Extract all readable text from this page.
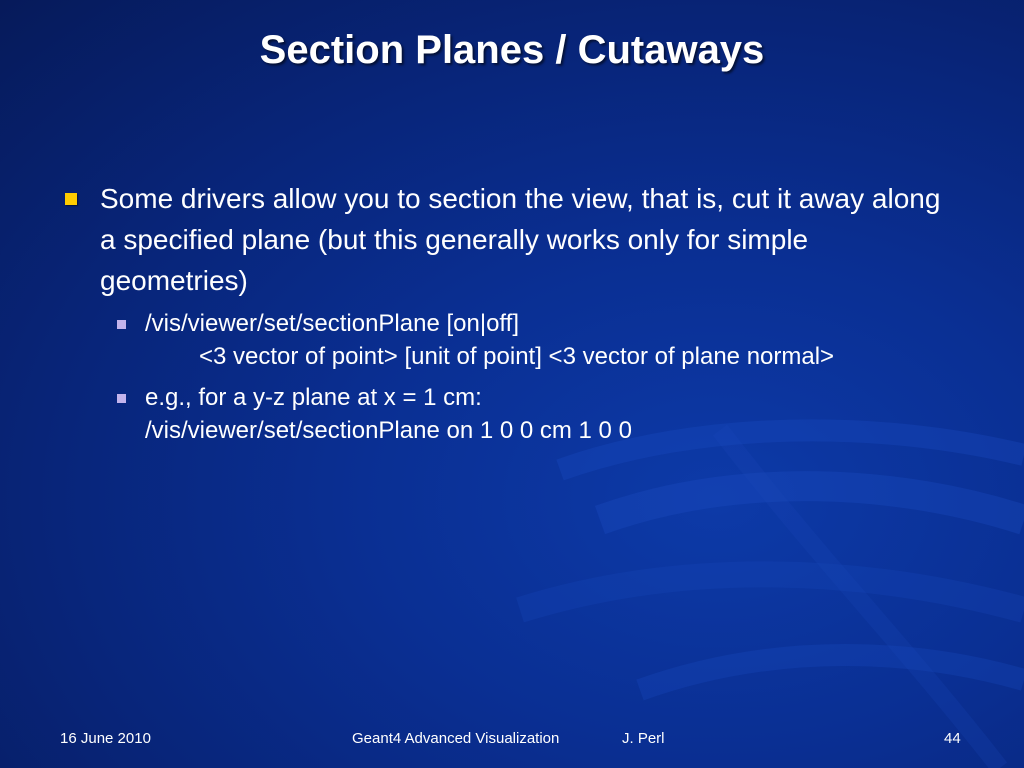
Section Planes / Cutaways
Some drivers allow you to section the view, that is, cut it away along a specified plane (but this generally works only for simple geometries)
/vis/viewer/set/sectionPlane [on|off]
<3 vector of point> [unit of point] <3 vector of plane normal>
e.g., for a y-z plane at x = 1 cm:
/vis/viewer/set/sectionPlane on 1 0 0 cm 1 0 0
16 June 2010	Geant4 Advanced Visualization	J. Perl	44
